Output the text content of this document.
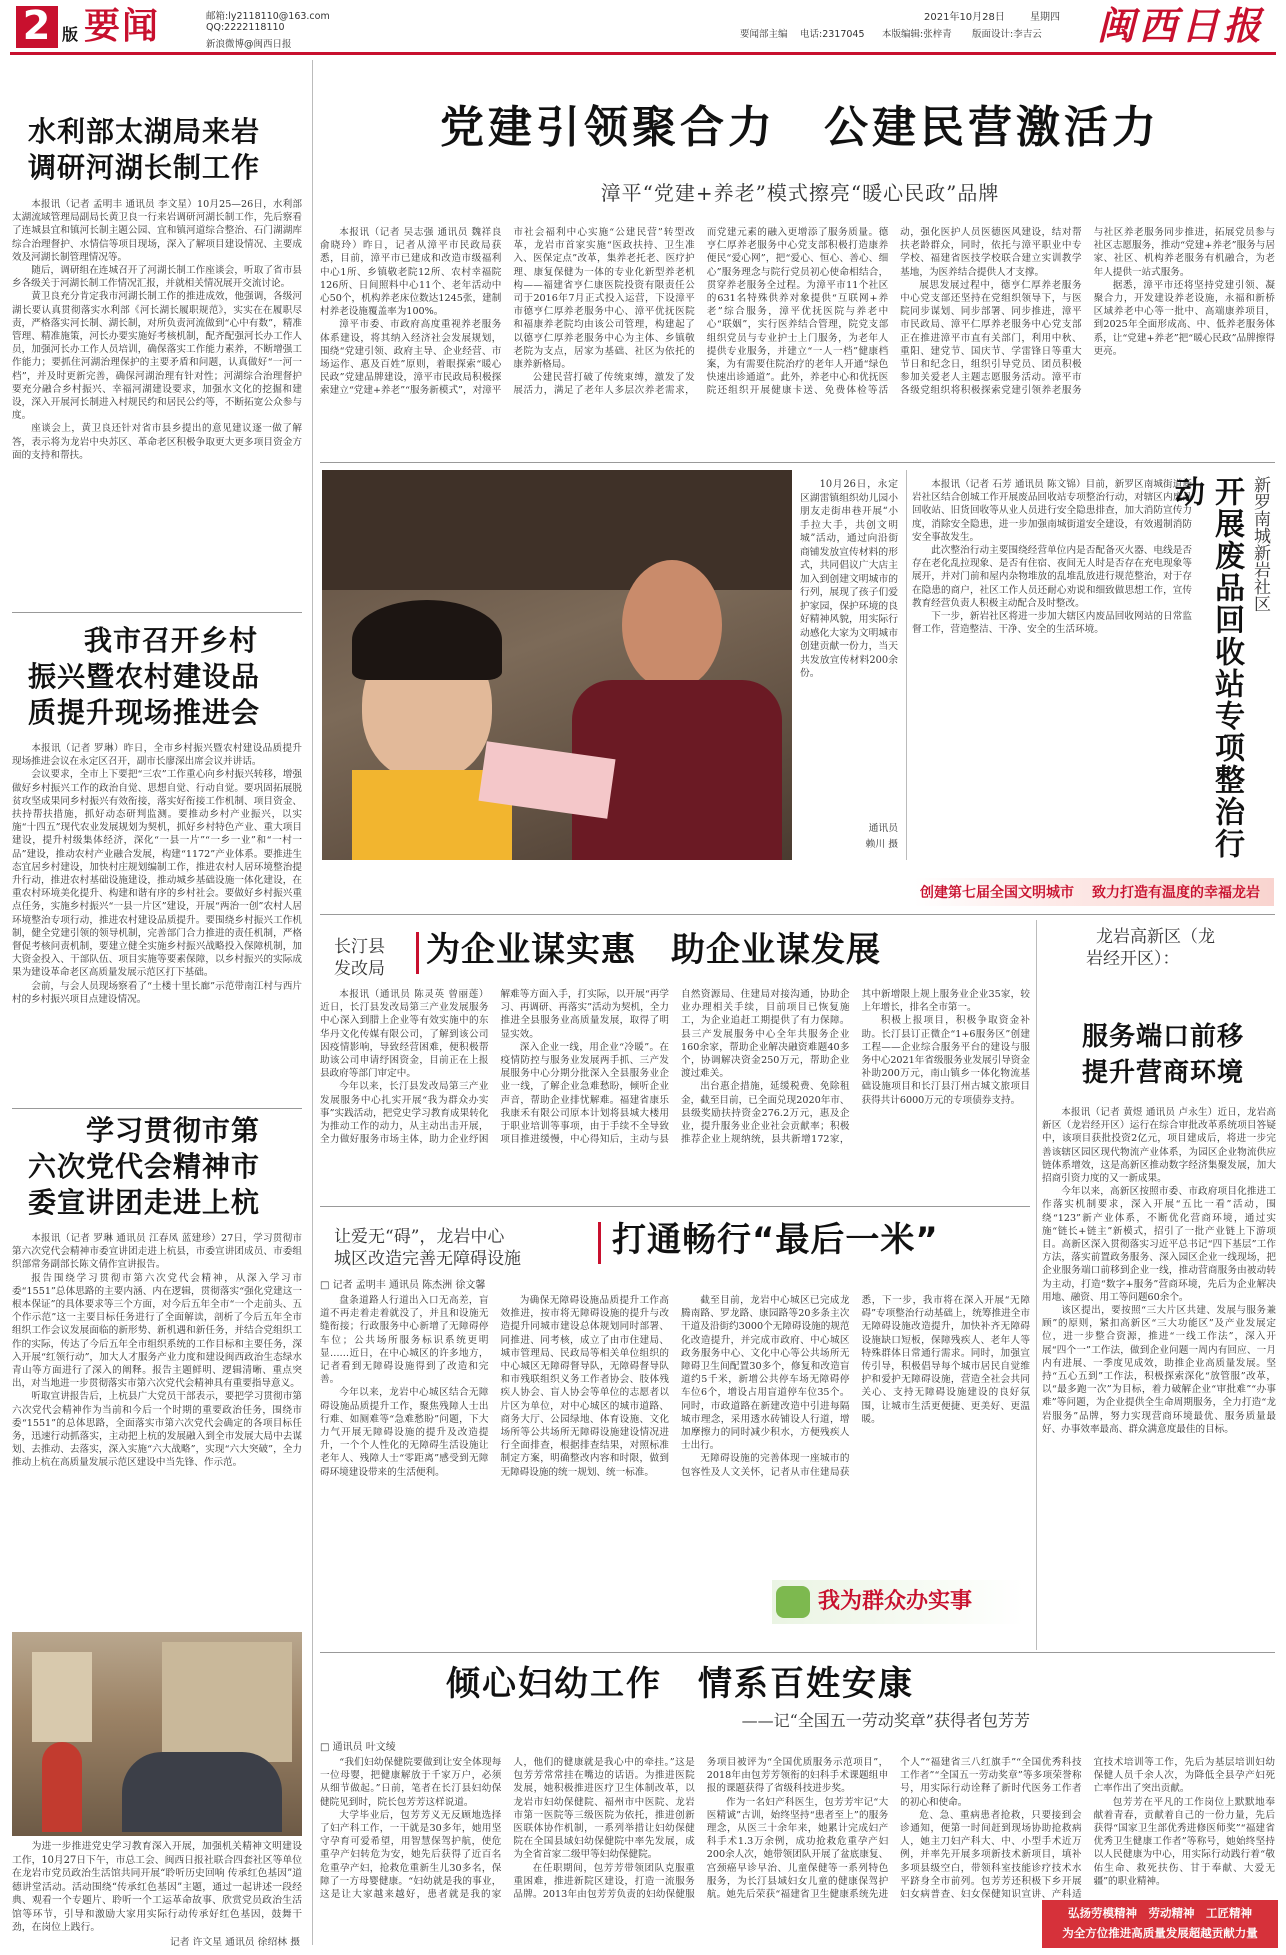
2 版 要闻	邮箱:ly2118110@163.com
QQ:2222118110
新浪微博@闽西日报
2021年10月28日	星期四
要闻部主编 电话:2317045 本版编辑:张梓青 版面设计:李吉云 闽西日报
水利部太湖局来岩
调研河湖长制工作

本报讯（记者 孟明丰 通讯员 李文星）10月25—26日，水利部太湖流域管理局副局长黄卫良一行来岩调研河湖长制工作，先后察看了连城县宜和镇河长制主题公园、宜和镇河道综合整治、石门湖湖库综合治理督护、水情信等项目现场，深入了解项目建设情况、主要成效及河湖长制管理情况等。

随后，调研组在连城召开了河湖长制工作座谈会，听取了省市县乡各级关于河湖长制工作情况汇报，并就相关情况展开交流讨论。

黄卫良充分肯定我市河湖长制工作的推进成效，他强调，各级河湖长要认真贯彻落实水利部《河长湖长履职规范》，实实在在履职尽责，严格落实河长制、湖长制，对所负责河流做到“心中有数”，精准管理、精准施策，河长办要实施好考核机制，配齐配强河长办工作人员，加强河长办工作人员培训，确保落实工作能力素养，不断增强工作能力；要抓住河湖治理保护的主要矛盾和问题，认真做好“一河一档”，并及时更新完善，确保河湖治理有针对性；河湖综合治理督护要充分融合乡村振兴、幸福河湖建设要求，加强水文化的挖掘和建设，深入开展河长制进入村规民约和居民公约等，不断拓宽公众参与度。

座谈会上，黄卫良还针对省市县乡提出的意见建议逐一做了解答，表示将为龙岩中央苏区、革命老区积极争取更大更多项目资金方面的支持和帮扶。

我市召开乡村
振兴暨农村建设品
质提升现场推进会

本报讯（记者 罗琳）昨日，全市乡村振兴暨农村建设品质提升现场推进会议在永定区召开，副市长廖深出席会议并讲话。

会议要求，全市上下要把“三农”工作重心向乡村振兴转移，增强做好乡村振兴工作的政治自觉、思想自觉、行动自觉。要巩固拓展脱贫攻坚成果同乡村振兴有效衔接，落实好衔接工作机制、项目资金、扶持帮扶措施，抓好动态研判监测。要推动乡村产业振兴，以实施“十四五”现代农业发展规划为契机，抓好乡村特色产业、重大项目建设，提升村级集体经济，深化“一县一片”“一乡一业”和“一村一品”建设，推动农村产业融合发展，构建“1172”产业体系。要推进生态宜居乡村建设，加快村庄规划编制工作，推进农村人居环境整治提升行动，推进农村基础设施建设，推动城乡基础设施一体化建设，在重农村环境美化提升、构建和谐有序的乡村社会。要做好乡村振兴重点任务，实施乡村振兴“一县一片区”建设，开展“两治一创”农村人居环境整治专项行动，推进农村建设品质提升。要围绕乡村振兴工作机制，健全党建引领的领导机制，完善部门合力推进的责任机制，严格督促考核问责机制，要建立健全实施乡村振兴战略投入保障机制，加大资金投入、干部队伍、项目实施等要素保障，以乡村振兴的实际成果为建设革命老区高质量发展示范区打下基础。

会前，与会人员现场察看了“土楼十里长廊”示范带南江村与西片村的乡村振兴项目点建设情况。

学习贯彻市第
六次党代会精神市
委宣讲团走进上杭

本报讯（记者 罗琳 通讯员 江春凤 蓝建珍）27日，学习贯彻市第六次党代会精神市委宣讲团走进上杭县，市委宣讲团成员、市委组织部常务副部长陈文倩作宣讲报告。

报告围绕学习贯彻市第六次党代会精神，从深入学习市委“1551”总体思路的主要内涵、内在逻辑，贯彻落实“强化党建这一根本保证”的具体要求等三个方面，对今后五年全市“一个走前头、五个作示范”这一主要目标任务进行了全面解读，剖析了今后五年全市组织工作会议发展面临的新形势、新机遇和新任务，并结合党组织工作的实际，传达了今后五年全市组织系统的工作目标和主要任务，深入开展“红领行动”，加大人才服务产业力度和建设闽西政治生态绿水青山等方面进行了深入的阐释。报告主题鲜明、逻辑清晰、重点突出，对当地进一步贯彻落实市第六次党代会精神具有重要指导意义。

听取宣讲报告后，上杭县广大党员干部表示，要把学习贯彻市第六次党代会精神作为当前和今后一个时期的重要政治任务，围绕市委“1551”的总体思路，全面落实市第六次党代会确定的各项目标任务，迅速行动抓落实，主动把上杭的发展融入到全市发展大局中去谋划、去推动、去落实，深入实施“六大战略”，实现“六大突破”，全力推动上杭在高质量发展示范区建设中当先锋、作示范。

为进一步推进党史学习教育深入开展，加强机关精神文明建设工作，10月27日下午，市总工会、闽西日报社联合四套社区等单位在龙岩市党员政治生活馆共同开展“聆听历史回响 传承红色基因”道德讲堂活动。活动围绕“传承红色基因”主题，通过一起讲述一段经典、观看一个专题片、聆听一个工运革命故事、欣赏党员政治生活馆等环节，引导和激励大家用实际行动传承好红色基因，鼓舞干劲，在岗位上践行。
记者 许文星 通讯员 徐绍林 摄
党建引领聚合力　公建民营激活力
漳平“党建+养老”模式擦亮“暖心民政”品牌

本报讯（记者 吴志强 通讯员 魏祥良 俞晓玲）昨日，记者从漳平市民政局获悉，目前，漳平市已建成和改造市级福利中心1所、乡镇敬老院12所、农村幸福院126所、日间照料中心11个、老年活动中心50个，机构养老床位数达1245张，建制村养老设施覆盖率为100%。

漳平市委、市政府高度重视养老服务体系建设，将其纳入经济社会发展规划，围绕“党建引领、政府主导、企业经营、市场运作、惠及百姓”原则，着眼探索“暖心民政”党建品牌建设，漳平市民政局积极探索建立“党建+养老”“服务新模式”，对漳平市社会福利中心实施“公建民营”转型改革，龙岩市首家实施“医政扶持、卫生准入、医保定点”改革，集养老托老、医疗护理、康复保健为一体的专业化新型养老机构——福建省亨仁康医院投资有限责任公司于2016年7月正式投入运营，下设漳平市德亨仁厚养老服务中心、漳平优抚医院和福康养老院均由该公司管理，构建起了以德亨仁厚养老服务中心为主体、乡镇敬老院为支点，居家为基础、社区为依托的康养新格局。

公建民营打破了传统束缚，激发了发展活力，满足了老年人多层次养老需求，而党建元素的融入更增添了服务质量。德亨仁厚养老服务中心党支部积极打造康养便民“爱心网”，把“爱心、恒心、善心、细心”服务理念与院行党员初心使命相结合，贯穿养老服务全过程。为漳平市11个社区的631名特殊供养对象提供“互联网+养老”综合服务，漳平优抚医院与养老中心“联姻”，实行医养结合管理，院党支部组织党员与专业护士上门服务，为老年人提供专业服务，并建立“一人一档”健康档案，为有需要住院治疗的老年人开通“绿色快速出诊通道”。此外，养老中心和优抚医院还组织开展健康卡送、免费体检等活动，强化医护人员医德医风建设，结对帮扶老龄群众，同时，依托与漳平职业中专学校、福建省医技学校联合建立实训教学基地，为医养结合提供人才支撑。

展思发展过程中，德亨仁厚养老服务中心党支部还坚持在党组织领导下，与医院同步谋划、同步部署、同步推进，漳平市民政局、漳平仁厚养老服务中心党支部正在推进漳平市直有关部门，利用中秋、重阳、建党节、国庆节、学雷锋日等重大节日和纪念日，组织引导党员、团员积极参加关爱老人主题志愿服务活动。漳平市各级党组织将积极探索党建引领养老服务与社区养老服务同步推进，拓展党员参与社区志愿服务，推动“党建+养老”服务与居家、社区、机构养老服务有机融合，为老年人提供一站式服务。

据悉，漳平市还将坚持党建引领、凝聚合力，开发建设养老设施，永福和新桥区域养老中心等一批中、高端康养项目，到2025年全面形成高、中、低养老服务体系，让“党建+养老”把“暖心民政”品牌擦得更亮。

10月26日，永定区湖雷镇组织幼儿园小朋友走街串巷开展“小手拉大手，共创文明城”活动，通过向沿街商铺发放宣传材料的形式，共同倡议广大店主加入到创建文明城市的行列，展现了孩子们爱护家园，保护环境的良好精神风貌，用实际行动感化大家为文明城市创建贡献一份力，当天共发放宣传材料200余份。
通讯员
赖川 摄

本报讯（记者 石芳 通讯员 陈文锦）目前，新罗区南城街道新岩社区结合创城工作开展废品回收站专项整治行动，对辖区内废品回收站、旧货回收等从业人员进行安全隐患排查，加大消防宣传力度，消除安全隐患，进一步加强南城街道安全建设，有效遏制消防安全事故发生。

此次整治行动主要围绕经营单位内是否配备灭火器、电线是否存在老化乱拉现象、是否有住宿、夜间无人时是否存在充电现象等展开，并对门前和屋内杂物堆放的乱堆乱放进行规范整治，对于存在隐患的商户，社区工作人员还耐心劝说和细致做思想工作，宣传教育经营负责人积极主动配合及时整改。

下一步，新岩社区将进一步加大辖区内废品回收网站的日常监督工作，营造整洁、干净、安全的生活环境。

新罗南城新岩社区
开展废品回收站专项整治行动
创建第七届全国文明城市 致力打造有温度的幸福龙岩
长汀县
发改局 为企业谋实惠　助企业谋发展

本报讯（通讯员 陈灵英 曾丽莲）近日，长汀县发改局第三产业发展服务中心深入到腊上企业等有效实施中的东华丹文化传媒有限公司，了解到该公司因疫情影响，导致经营困难，便积极帮助该公司申请纾困资金，目前正在上报县政府等部门审定中。

今年以来，长汀县发改局第三产业发展服务中心扎实开展“我为群众办实事”实践活动，把党史学习教育成果转化为推动工作的动力，从主动出击开展，全力做好服务市场主体，助力企业纾困解难等方面入手，打实际，以开展“再学习、再调研、再落实”活动为契机，全力推进全县服务业高质量发展，取得了明显实效。

深入企业一线，用企业“冷暖”。在疫情防控与服务业发展两手抓、三产发展服务中心分期分批深入全县服务业企业一线，了解企业急难愁盼，倾听企业声音，帮助企业排忧解难。福建省康乐我康禾有限公司原本计划将县城大楼用于职业培训等事项，由于手续不全导致项目推进缓慢，中心得知后，主动与县自然资源局、住建局对接沟通，协助企业办理相关手续，目前项目已恢复施工，为企业追赶工期提供了有力保障。县三产发展服务中心全年共服务企业160余家，帮助企业解决融资难题40多个，协调解决资金250万元，帮助企业渡过难关。

出台惠企措施，延缓税费、免除租金，截至目前，已全面兑现2020年市、县级奖励扶持资金276.2万元，惠及企业，提升服务业企业社会贡献率；积极推荐企业上规纳统，县共新增172家，其中新增限上规上服务业企业35家，较上年增长，排名全市第一。

积极上报项目，积极争取资金补助。长汀县订正微企“1+6服务区”创建工程——企业综合服务平台的建设与服务中心2021年省级服务业发展引导资金补助200万元，南山镇乡一体化物流基础设施项目和长汀县汀州古城文旅项目获得共计6000万元的专项债券支持。

让爱无“碍”，龙岩中心
城区改造完善无障碍设施	打通畅行“最后一米”
□ 记者 孟明丰 通讯员 陈杰洲 徐文馨

盘条道路人行道出入口无高差，盲道不再走着走着就没了，并且和设施无缝衔接；行政服务中心新增了无障碍停车位；公共场所服务标识系统更明显……近日，在中心城区的许多地方，记者看到无障碍设施得到了改造和完善。

今年以来，龙岩中心城区结合无障碍设施品质提升工作，聚焦残障人士出行难、如厕难等“急难愁盼”问题，下大力气开展无障碍设施的提升及改造提升，一个个人性化的无障碍生活设施让老年人、残障人士“零距离”感受到无障碍环境建设带来的生活便利。

为确保无障碍设施品质提升工作高效推进，按市将无障碍设施的提升与改造提升同城市建设总体规划同时部署、同推进、同考核，成立了由市住建局、城市管理局、民政局等相关单位组织的中心城区无障碍督导队，无障碍督导队和市残联组织义务工作者协会、肢体残疾人协会、盲人协会等单位的志愿者以片区为单位，对中心城区的城市道路、商务大厅、公园绿地、体育设施、文化场所等公共场所无障碍设施建设情况进行全面排查，根据排查结果，对照标准制定方案，明确整改内容和时限，做到无障碍设施的统一规划、统一标准。

截至目前，龙岩中心城区已完成龙腾南路、罗龙路、康园路等20多条主次干道及沿街约3000个无障碍设施的规范化改造提升，并完成市政府、中心城区政务服务中心、文化中心等公共场所无障碍卫生间配置30多个，修复和改造盲道约5千米，新增公共停车场无障碍停车位6个，增设占用盲道停车位35个。同时，市政道路在新建改造中引进每隔城市理念，采用透水砖铺设人行道，增加摩擦力的同时减少积水，方便残疾人士出行。

无障碍设施的完善体现一座城市的包容性及人文关怀，记者从市住建局获悉，下一步，我市将在深入开展“无障碍”专项整治行动基础上，统筹推进全市无障碍设施改造提升，加快补齐无障碍设施缺口短板，保障残疾人、老年人等特殊群体日常通行需求。同时，加强宣传引导，积极倡导每个城市居民自觉维护和爱护无障碍设施，营造全社会共同关心、支持无障碍设施建设的良好氛围，让城市生活更便捷、更美好、更温暖。

我为群众办实事
龙岩高新区（龙
岩经开区）：
服务端口前移
提升营商环境

本报讯（记者 黄煜 通讯员 卢永生）近日，龙岩高新区（龙岩经开区）运行在综合审批改革系统项目答疑中，该项目获批投资2亿元，项目建成后，将进一步完善该辖区园区现代物流产业体系，为园区企业物流供应链体系增效，这是高新区推动数字经济集聚发展，加大招商引资力度的又一新成果。

今年以来，高新区按照市委、市政府项目化推进工作落实机制要求，深入开展“五比一看”活动，围绕“123”新产业体系，不断优化营商环境，通过实施“链长+链主”新模式，招引了一批产业链上下游项目。高新区深入贯彻落实习近平总书记“四下基层”工作方法，落实前置政务服务、深入园区企业一线现场，把企业服务端口前移到企业一线，推动营商服务由被动转为主动，打造“数字+服务”营商环境，先后为企业解决用地、融资、用工等问题60余个。

该区提出，要按照“三大片区共建、发展与服务兼顾”的原则，紧扣高新区“三大功能区”及产业发展定位，进一步整合资源，推进“一线工作法”，深入开展“四个一”工作法，做到企业问题一周内有回应、一月内有进展、一季度见成效，助推企业高质量发展。坚持“五心五到”工作法，积极探索深化“放管服”改革，以“最多跑一次”为目标，着力破解企业“审批难”“办事难”等问题，为企业提供全生命周期服务，全力打造“龙岩服务”品牌，努力实现营商环境最优、服务质量最好、办事效率最高、群众满意度最佳的目标。

倾心妇幼工作　情系百姓安康
——记“全国五一劳动奖章”获得者包芳芳
□ 通讯员 叶文绫

“我们妇幼保健院要做到让安全体现每一位母婴，把健康解放于千家万户，必须从细节做起。”日前，笔者在长汀县妇幼保健院见到时，院长包芳芳这样说道。

大学毕业后，包芳芳义无反顾地选择了妇产科工作，一干就是30多年，她用坚守孕育可爱希望，用智慧保驾护航，使危重孕产妇转危为安，她先后获得了近百名危重孕产妇，抢救危重新生儿30多名，保障了一方母婴健康。“妇幼就是我的事业，这是让大家越来越好，患者就是我的家人，他们的健康就是我心中的牵挂。”这是包芳芳常常挂在嘴边的话语。为推进医院发展，她积极推进医疗卫生体制改革，以龙岩市妇幼保健院、福州市中医院、龙岩市第一医院等三级医院为依托，推进创新医联体协作机制，一系列举措让妇幼保健院在全国县域妇幼保健院中率先发展，成为全省首家二级甲等妇幼保健院。

在任职期间，包芳芳带领团队克服重重困难，推进新院区建设，打造一流服务品牌。2013年由包芳芳负责的妇幼保健服务项目被评为“全国优质服务示范项目”，2018年由包芳芳领衔的妇科手术课题组申报的课题获得了省级科技进步奖。

作为一名妇产科医生，包芳芳牢记“大医精诚”古训，始终坚持“患者至上”的服务理念，从医三十余年来，她累计完成妇产科手术1.3万余例，成功抢救危重孕产妇200余人次，她带领团队开展了盆底康复、宫颈癌早诊早治、儿童保健等一系列特色服务，为长汀县域妇女儿童的健康保驾护航。她先后荣获“福建省卫生健康系统先进个人”“福建省三八红旗手”“全国优秀科技工作者”“全国五一劳动奖章”等多项荣誉称号，用实际行动诠释了新时代医务工作者的初心和使命。

危、急、重病患者抢救，只要接到会诊通知，便第一时间赶到现场协助抢救病人，她主刀妇产科大、中、小型手术近万例，并率先开展多项新技术新项目，填补多项县级空白，带领科室技能诊疗技术水平跻身全市前列。包芳芳还积极下乡开展妇女病普查、妇女保健知识宣讲、产科适宜技术培训等工作，先后为基层培训妇幼保健人员千余人次，为降低全县孕产妇死亡率作出了突出贡献。

包芳芳在平凡的工作岗位上默默地奉献着青春，贡献着自己的一份力量，先后获得“国家卫生部优秀进修医师奖”“福建省优秀卫生健康工作者”等称号，她始终坚持以人民健康为中心，用实际行动践行着“敬佑生命、救死扶伤、甘于奉献、大爱无疆”的职业精神。

弘扬劳模精神　劳动精神　工匠精神
为全方位推进高质量发展超越贡献力量
